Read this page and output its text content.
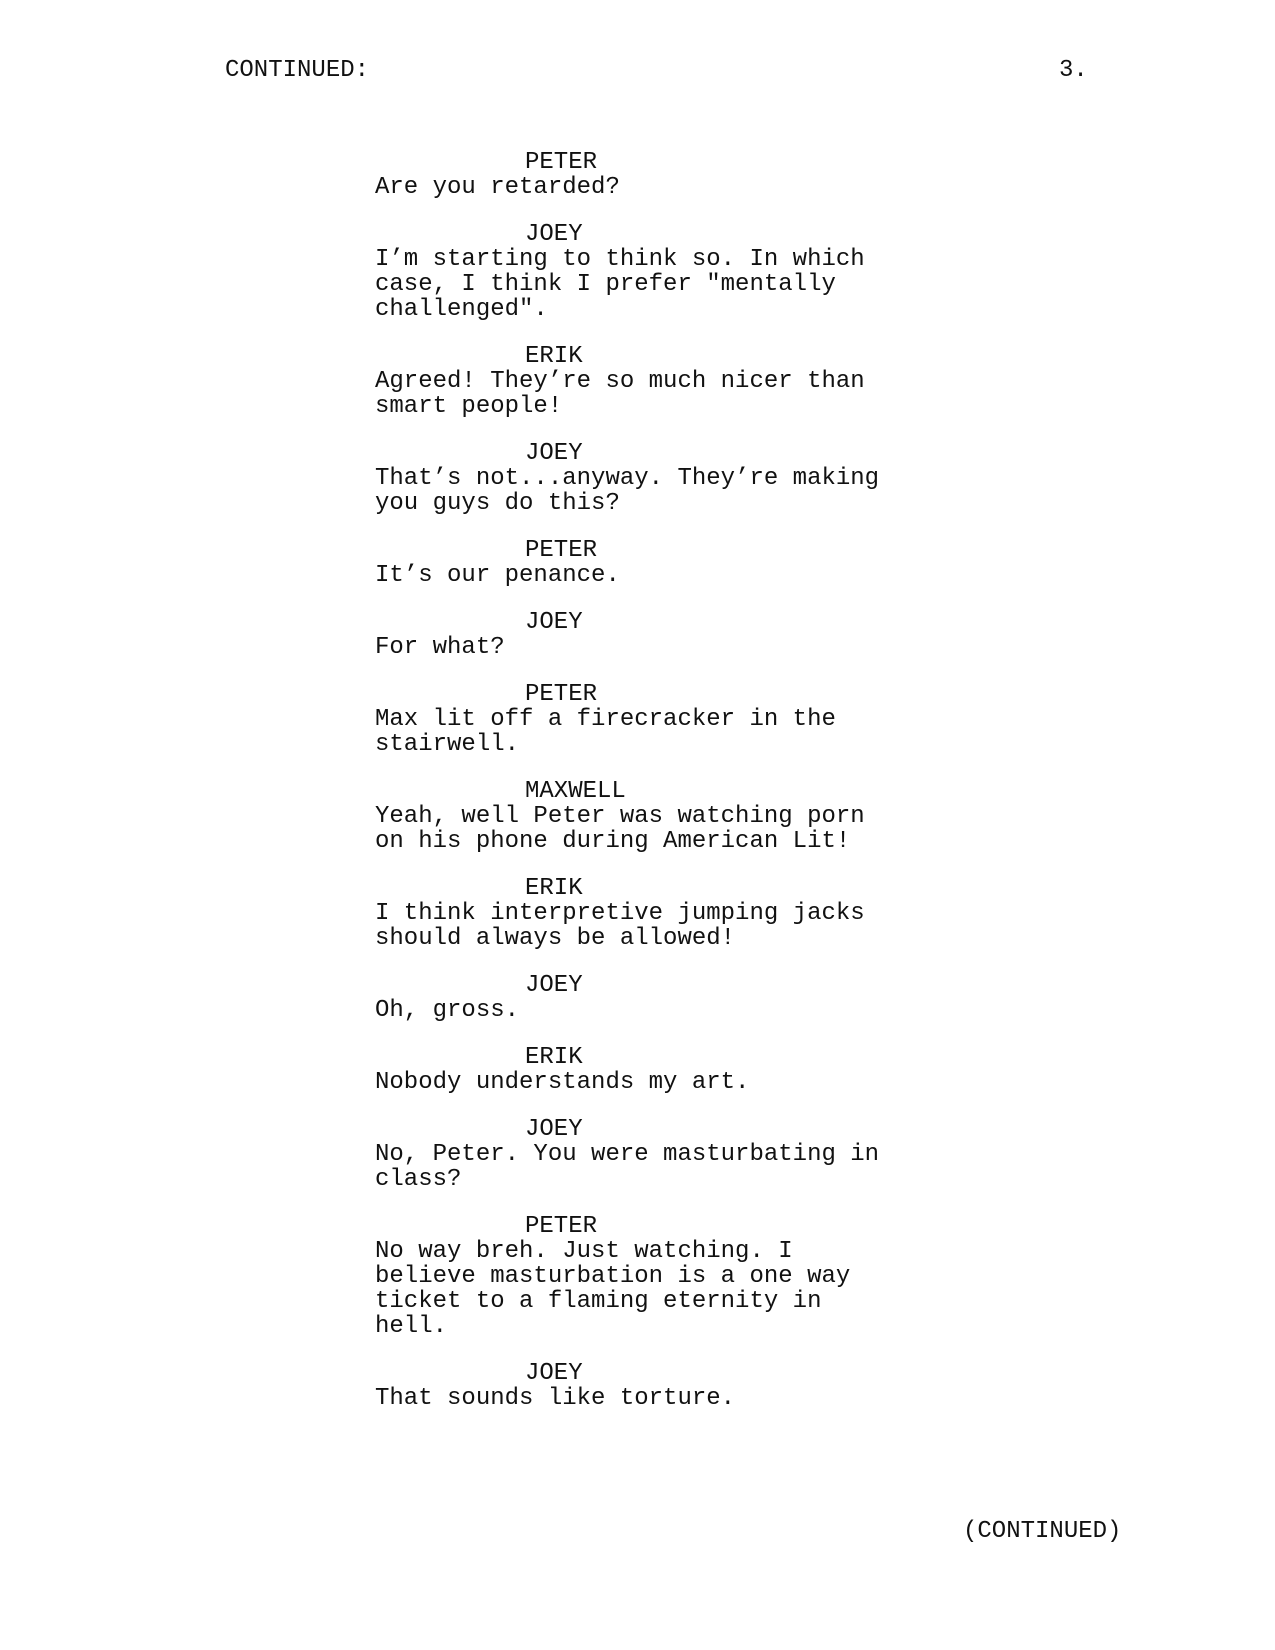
CONTINUED:	3.
PETER
Are you retarded?
JOEY
I’m starting to think so. In which
case, I think I prefer "mentally
challenged".
ERIK
Agreed! They’re so much nicer than
smart people!
JOEY
That’s not...anyway. They’re making
you guys do this?
PETER
It’s our penance.
JOEY
For what?
PETER
Max lit off a firecracker in the
stairwell.
MAXWELL
Yeah, well Peter was watching porn
on his phone during American Lit!
ERIK
I think interpretive jumping jacks
should always be allowed!
JOEY
Oh, gross.
ERIK
Nobody understands my art.
JOEY
No, Peter. You were masturbating in
class?
PETER
No way breh. Just watching. I
believe masturbation is a one way
ticket to a flaming eternity in
hell.
JOEY
That sounds like torture.
(CONTINUED)
